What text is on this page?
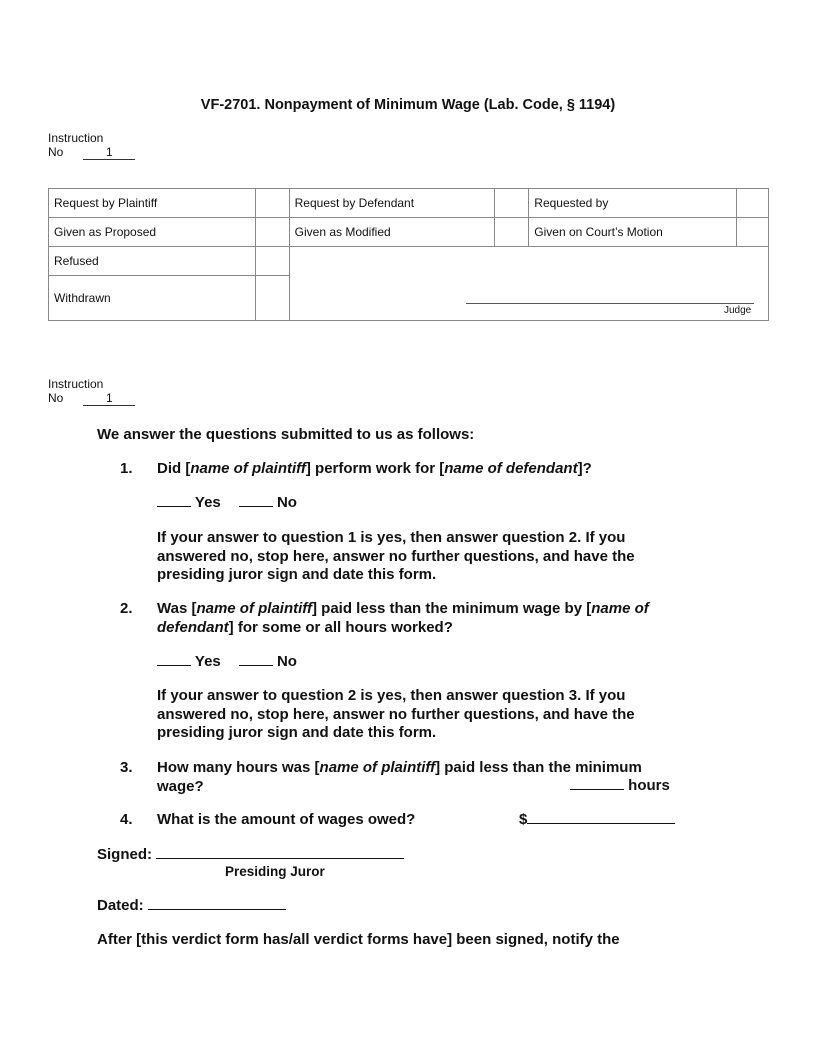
VF-2701. Nonpayment of Minimum Wage (Lab. Code, § 1194)
Instruction
No	1
Request by Plaintiff		Request by Defendant		Requested by	
Given as Proposed		Given as Modified		Given on Court’s Motion	
Refused					
Withdrawn					
Judge
Instruction
No	1
We answer the questions submitted to us as follows:
1. Did [name of plaintiff] perform work for [name of defendant]?
Yes	No
If your answer to question 1 is yes, then answer question 2. If you answered no, stop here, answer no further questions, and have the presiding juror sign and date this form.
2. Was [name of plaintiff] paid less than the minimum wage by [name of defendant] for some or all hours worked?
Yes	No
If your answer to question 2 is yes, then answer question 3. If you answered no, stop here, answer no further questions, and have the presiding juror sign and date this form.
3. How many hours was [name of plaintiff] paid less than the minimum wage?	hours
4. What is the amount of wages owed?	$
Signed:
Presiding Juror
Dated:
After [this verdict form has/all verdict forms have] been signed, notify the
